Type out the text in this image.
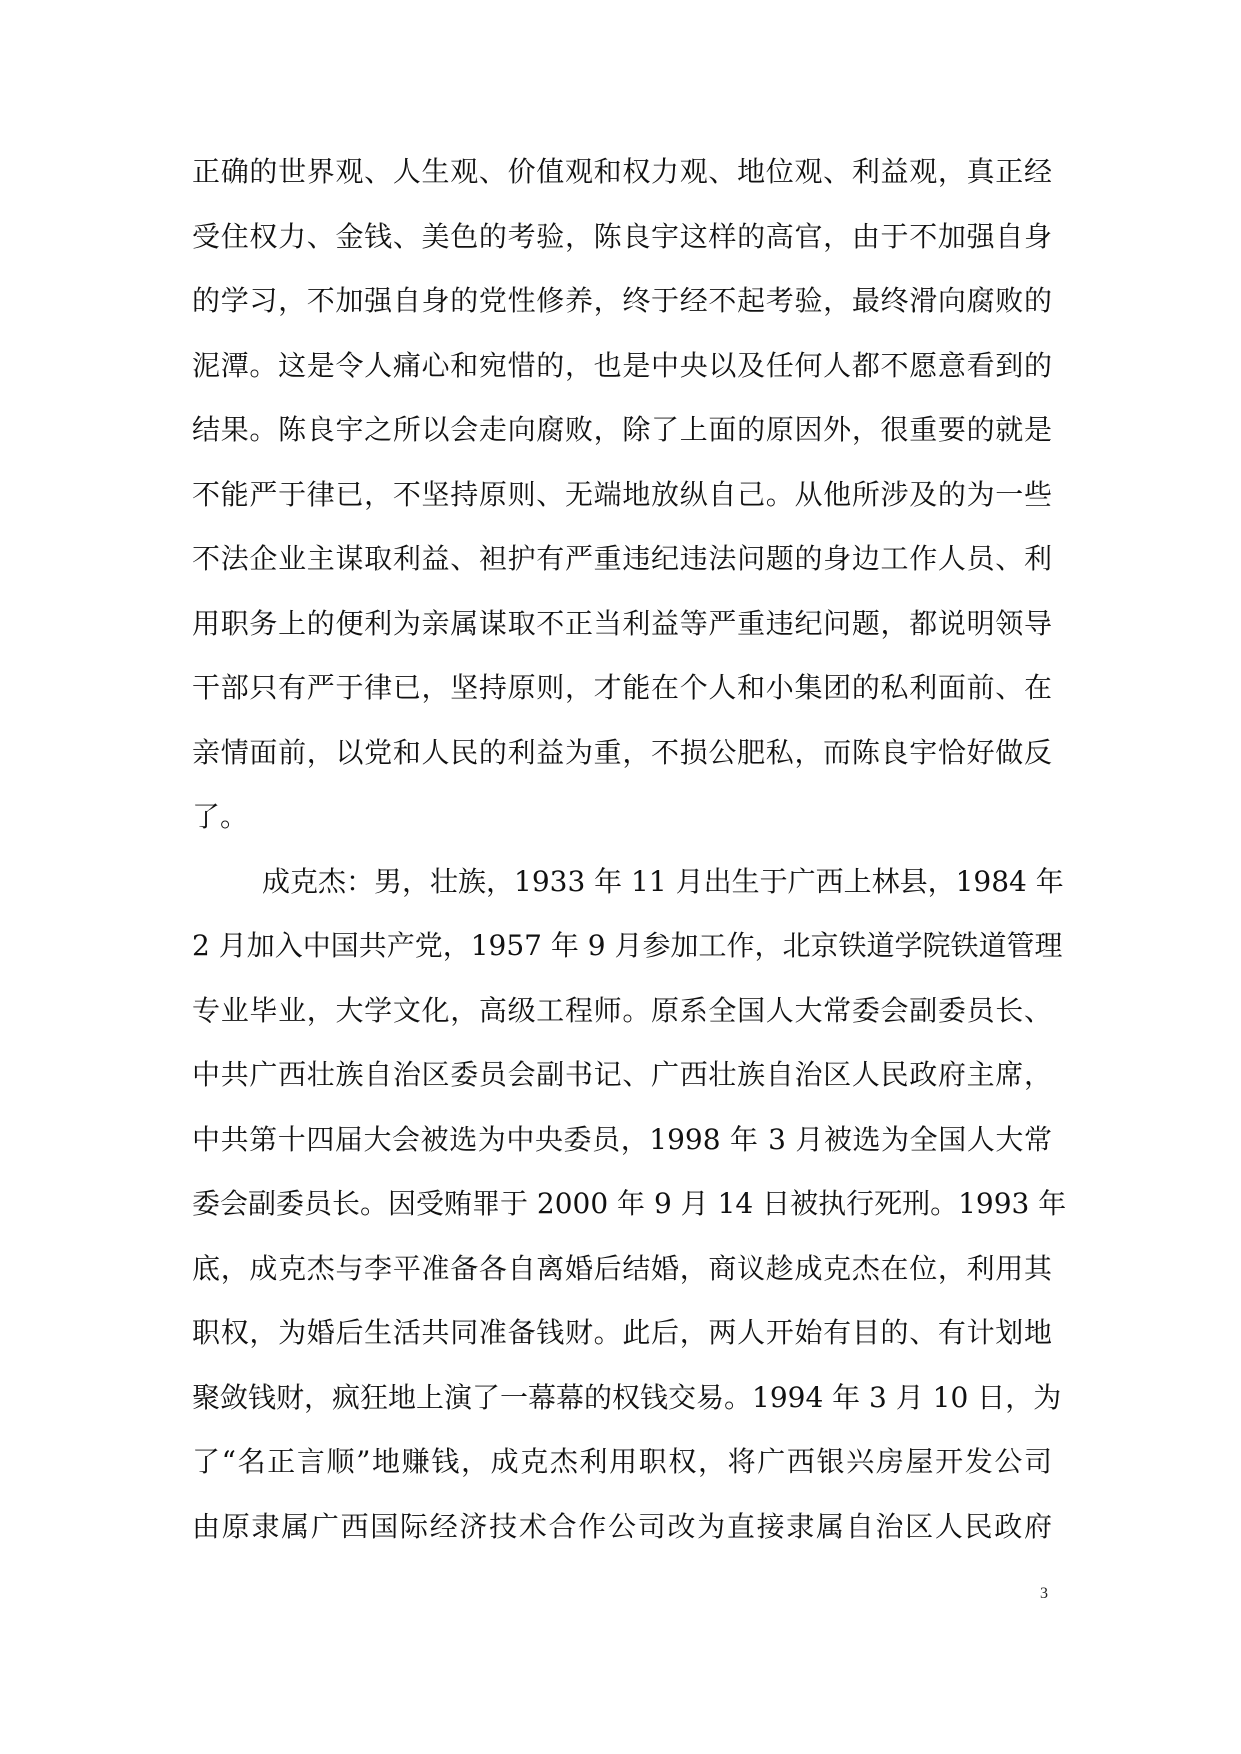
正确的世界观、人生观、价值观和权力观、地位观、利益观，真正经
受住权力、金钱、美色的考验，陈良宇这样的高官，由于不加强自身
的学习，不加强自身的党性修养，终于经不起考验，最终滑向腐败的
泥潭。这是令人痛心和宛惜的，也是中央以及任何人都不愿意看到的
结果。陈良宇之所以会走向腐败，除了上面的原因外，很重要的就是
不能严于律已，不坚持原则、无端地放纵自己。从他所涉及的为一些
不法企业主谋取利益、袒护有严重违纪违法问题的身边工作人员、利
用职务上的便利为亲属谋取不正当利益等严重违纪问题，都说明领导
干部只有严于律已，坚持原则，才能在个人和小集团的私利面前、在
亲情面前，以党和人民的利益为重，不损公肥私，而陈良宇恰好做反
了。
成克杰：男，壮族，1933 年 11 月出生于广西上林县，1984 年
2 月加入中国共产党，1957 年 9 月参加工作，北京铁道学院铁道管理
专业毕业，大学文化，高级工程师。原系全国人大常委会副委员长、
中共广西壮族自治区委员会副书记、广西壮族自治区人民政府主席，
中共第十四届大会被选为中央委员，1998 年 3 月被选为全国人大常
委会副委员长。因受贿罪于 2000 年 9 月 14 日被执行死刑。1993 年
底，成克杰与李平准备各自离婚后结婚，商议趁成克杰在位，利用其
职权，为婚后生活共同准备钱财。此后，两人开始有目的、有计划地
聚敛钱财，疯狂地上演了一幕幕的权钱交易。1994 年 3 月 10 日，为
了“名正言顺”地赚钱，成克杰利用职权，将广西银兴房屋开发公司
由原隶属广西国际经济技术合作公司改为直接隶属自治区人民政府
3
